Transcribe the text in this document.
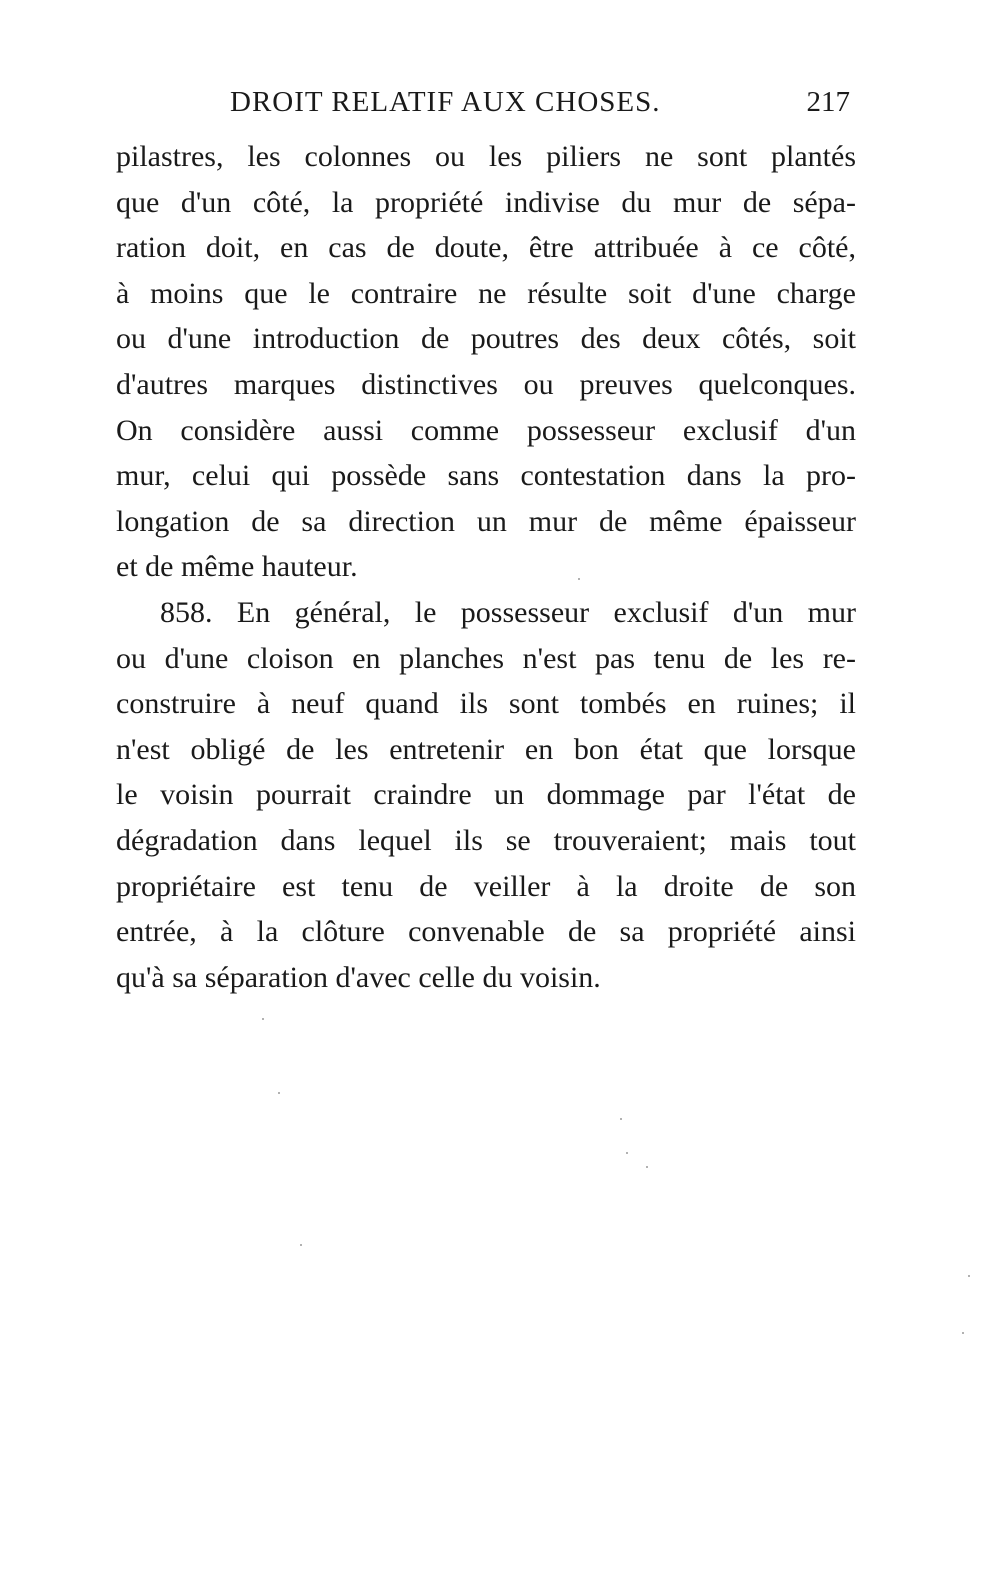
DROIT RELATIF AUX CHOSES.	217
pilastres, les colonnes ou les piliers ne sont plantés
que d'un côté, la propriété indivise du mur de sépa-
ration doit, en cas de doute, être attribuée à ce côté,
à moins que le contraire ne résulte soit d'une charge
ou d'une introduction de poutres des deux côtés, soit
d'autres marques distinctives ou preuves quelconques.
On considère aussi comme possesseur exclusif d'un
mur, celui qui possède sans contestation dans la pro-
longation de sa direction un mur de même épaisseur
et de même hauteur.
858. En général, le possesseur exclusif d'un mur
ou d'une cloison en planches n'est pas tenu de les re-
construire à neuf quand ils sont tombés en ruines; il
n'est obligé de les entretenir en bon état que lorsque
le voisin pourrait craindre un dommage par l'état de
dégradation dans lequel ils se trouveraient; mais tout
propriétaire est tenu de veiller à la droite de son
entrée, à la clôture convenable de sa propriété ainsi
qu'à sa séparation d'avec celle du voisin.
